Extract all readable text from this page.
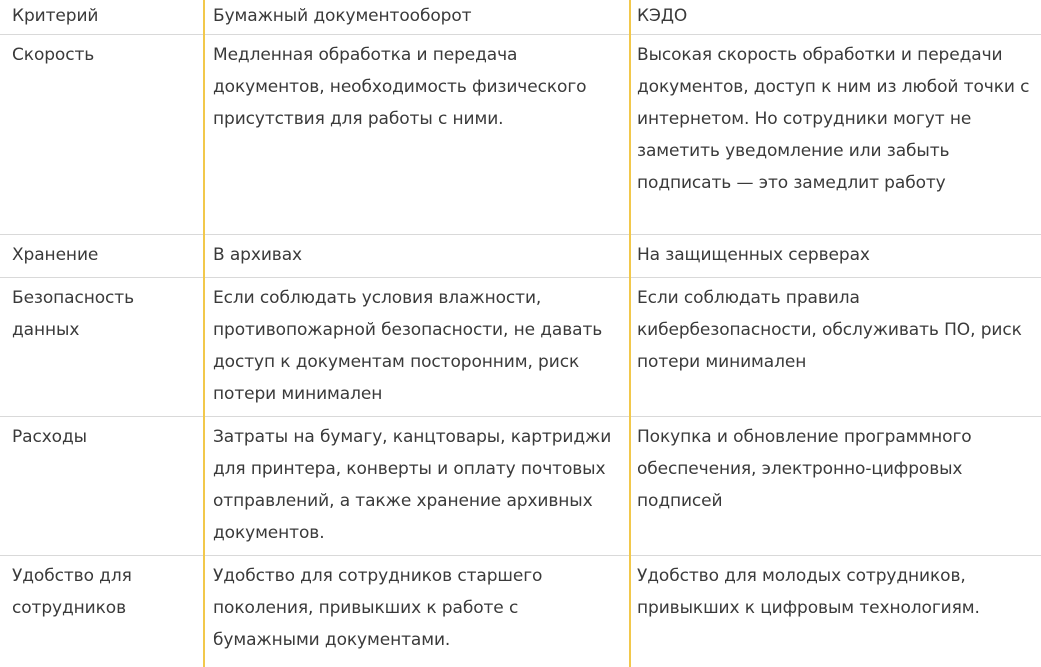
Критерий	Бумажный документооборот	КЭДО

Скорость	Медленная обработка и передача документов, необходимость физического присутствия для работы с ними.	Высокая скорость обработки и передачи документов, доступ к ним из любой точки с интернетом. Но сотрудники могут не заметить уведомление или забыть подписать — это замедлит работу

Хранение	В архивах	На защищенных серверах

Безопасность данных	Если соблюдать условия влажности, противопожарной безопасности, не давать доступ к документам посторонним, риск потери минимален	Если соблюдать правила кибербезопасности, обслуживать ПО, риск потери минимален

Расходы	Затраты на бумагу, канцтовары, картриджи для принтера, конверты и оплату почтовых отправлений, а также хранение архивных документов.	Покупка и обновление программного обеспечения, электронно-цифровых подписей

Удобство для сотрудников	Удобство для сотрудников старшего поколения, привыкших к работе с бумажными документами.	Удобство для молодых сотрудников, привыкших к цифровым технологиям.
